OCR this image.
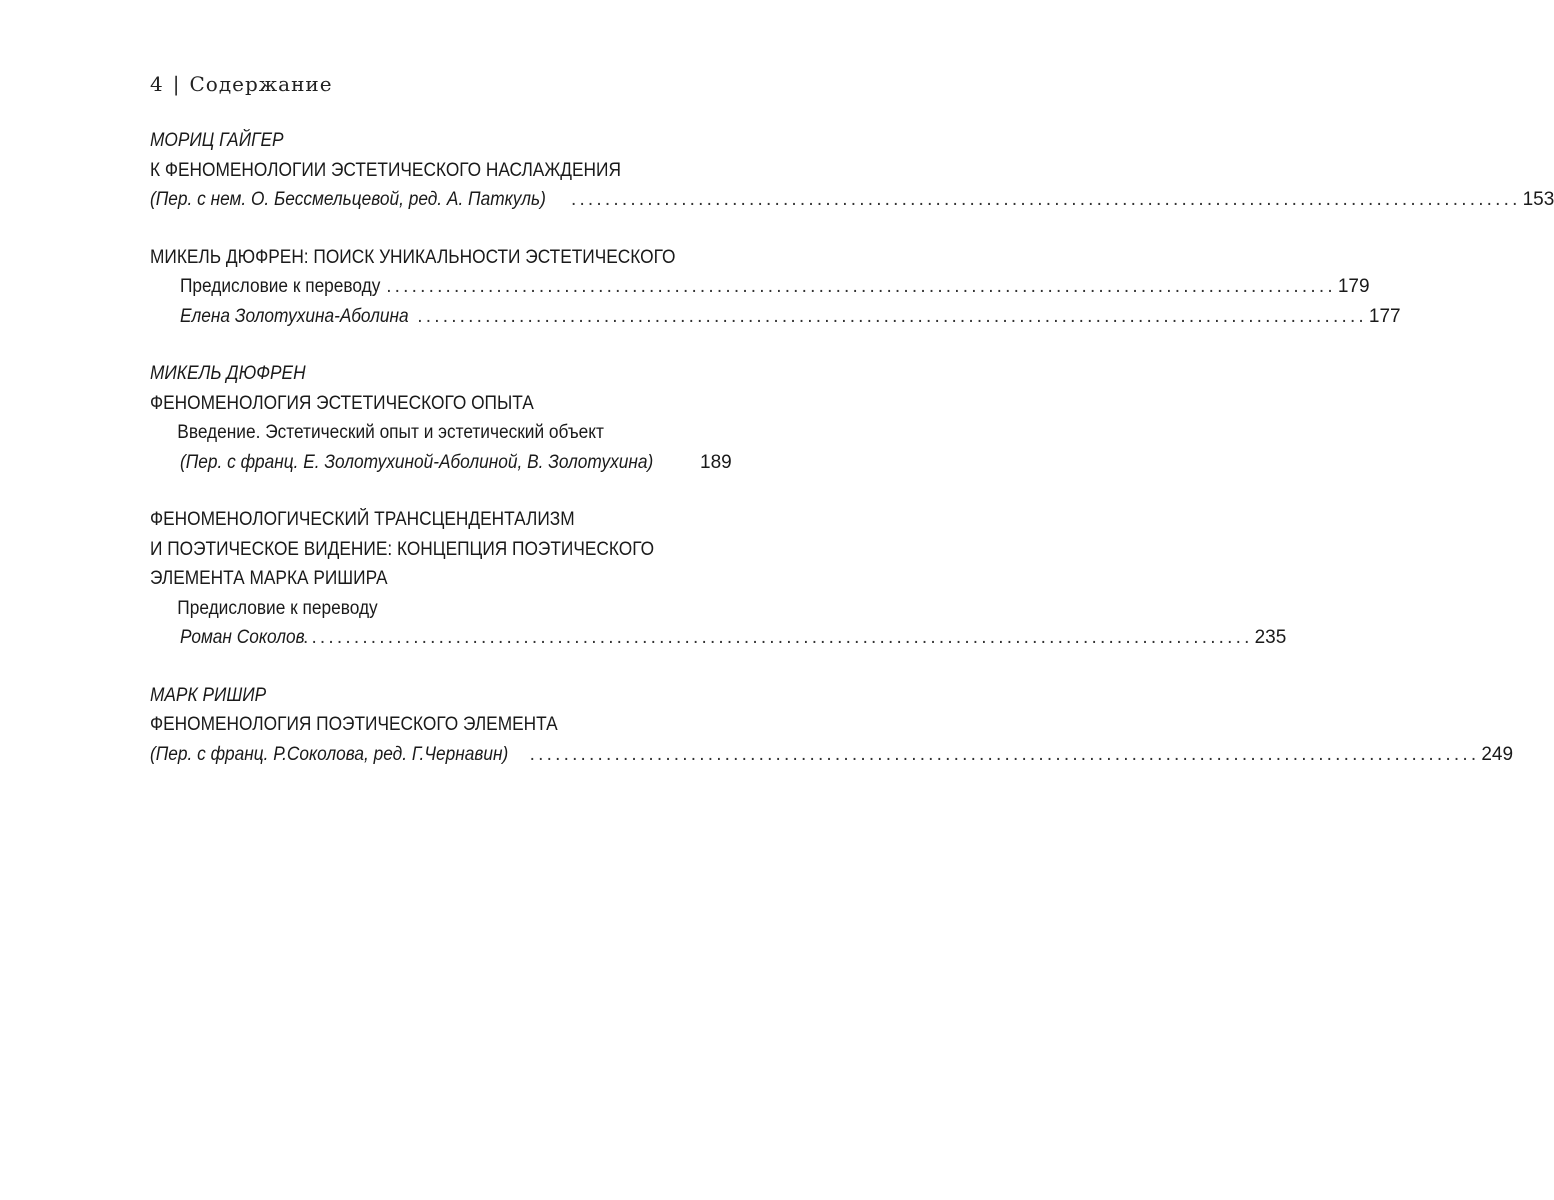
4 | Содержание
МОРИЦ ГАЙГЕР
К ФЕНОМЕНОЛОГИИ ЭСТЕТИЧЕСКОГО НАСЛАЖДЕНИЯ
(Пер. с нем. О. Бессмельцевой, ред. А. Паткуль) ................................................................................................................ 153
МИКЕЛЬ ДЮФРЕН: ПОИСК УНИКАЛЬНОСТИ ЭСТЕТИЧЕСКОГО
Предисловие к переводу ................................................................................................................ 179
Елена Золотухина-Аболина ................................................................................................................ 177
МИКЕЛЬ ДЮФРЕН
ФЕНОМЕНОЛОГИЯ ЭСТЕТИЧЕСКОГО ОПЫТА
Введение. Эстетический опыт и эстетический объект
(Пер. с франц. Е. Золотухиной-Аболиной, В. Золотухина) 189
ФЕНОМЕНОЛОГИЧЕСКИЙ ТРАНСЦЕНДЕНТАЛИЗМ
И ПОЭТИЧЕСКОЕ ВИДЕНИЕ: КОНЦЕПЦИЯ ПОЭТИЧЕСКОГО
ЭЛЕМЕНТА МАРКА РИШИРА
Предисловие к переводу
Роман Соколов
................................................................................................................ 235
МАРК РИШИР
ФЕНОМЕНОЛОГИЯ ПОЭТИЧЕСКОГО ЭЛЕМЕНТА
(Пер. с франц. Р.Соколова, ред. Г.Чернавин) ................................................................................................................ 249
